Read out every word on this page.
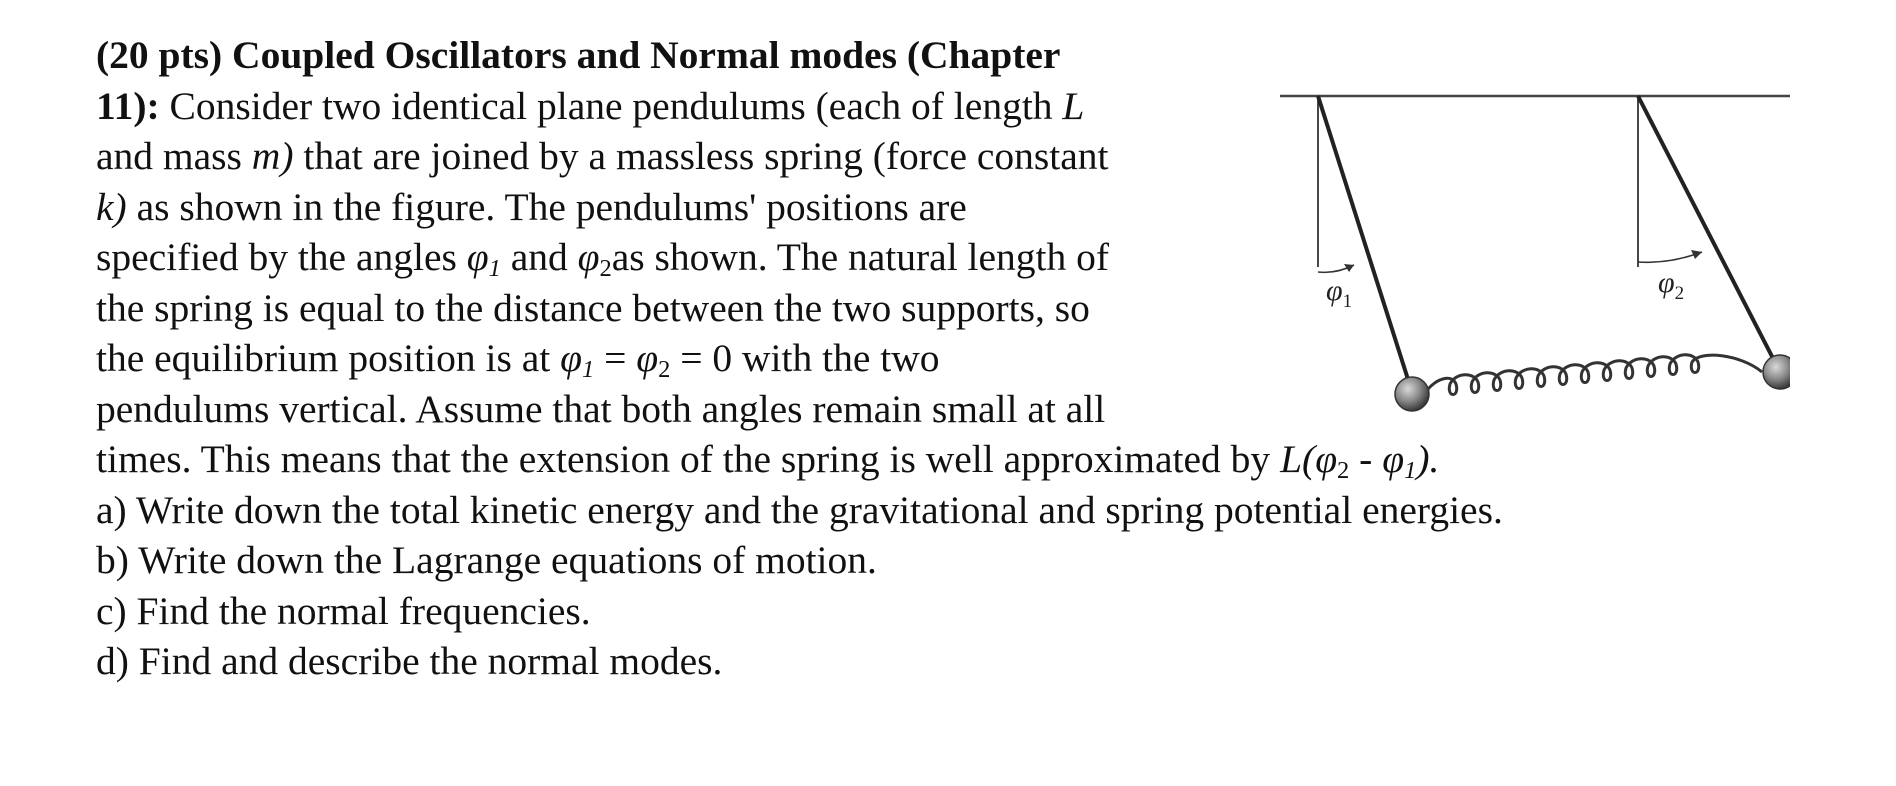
(20 pts) Coupled Oscillators and Normal modes (Chapter
11): Consider two identical plane pendulums (each of length L
and mass m) that are joined by a massless spring (force constant
k) as shown in the figure. The pendulums' positions are
specified by the angles $\varphi_1$ and $\varphi_2as$ shown. The natural length of
the spring is equal to the distance between the two supports, so
the equilibrium position is at $\varphi_1 = \varphi_2 = 0$ with the two
pendulums vertical. Assume that both angles remain small at all
times. This means that the extension of the spring is well approximated by $L(\varphi_2 - \varphi_1)$.

a) Write down the total kinetic energy and the gravitational and spring potential energies.
b) Write down the Lagrange equations of motion.
c) Find the normal frequencies.
d) Find and describe the normal modes.
$\varphi_1$
$\varphi_2$
